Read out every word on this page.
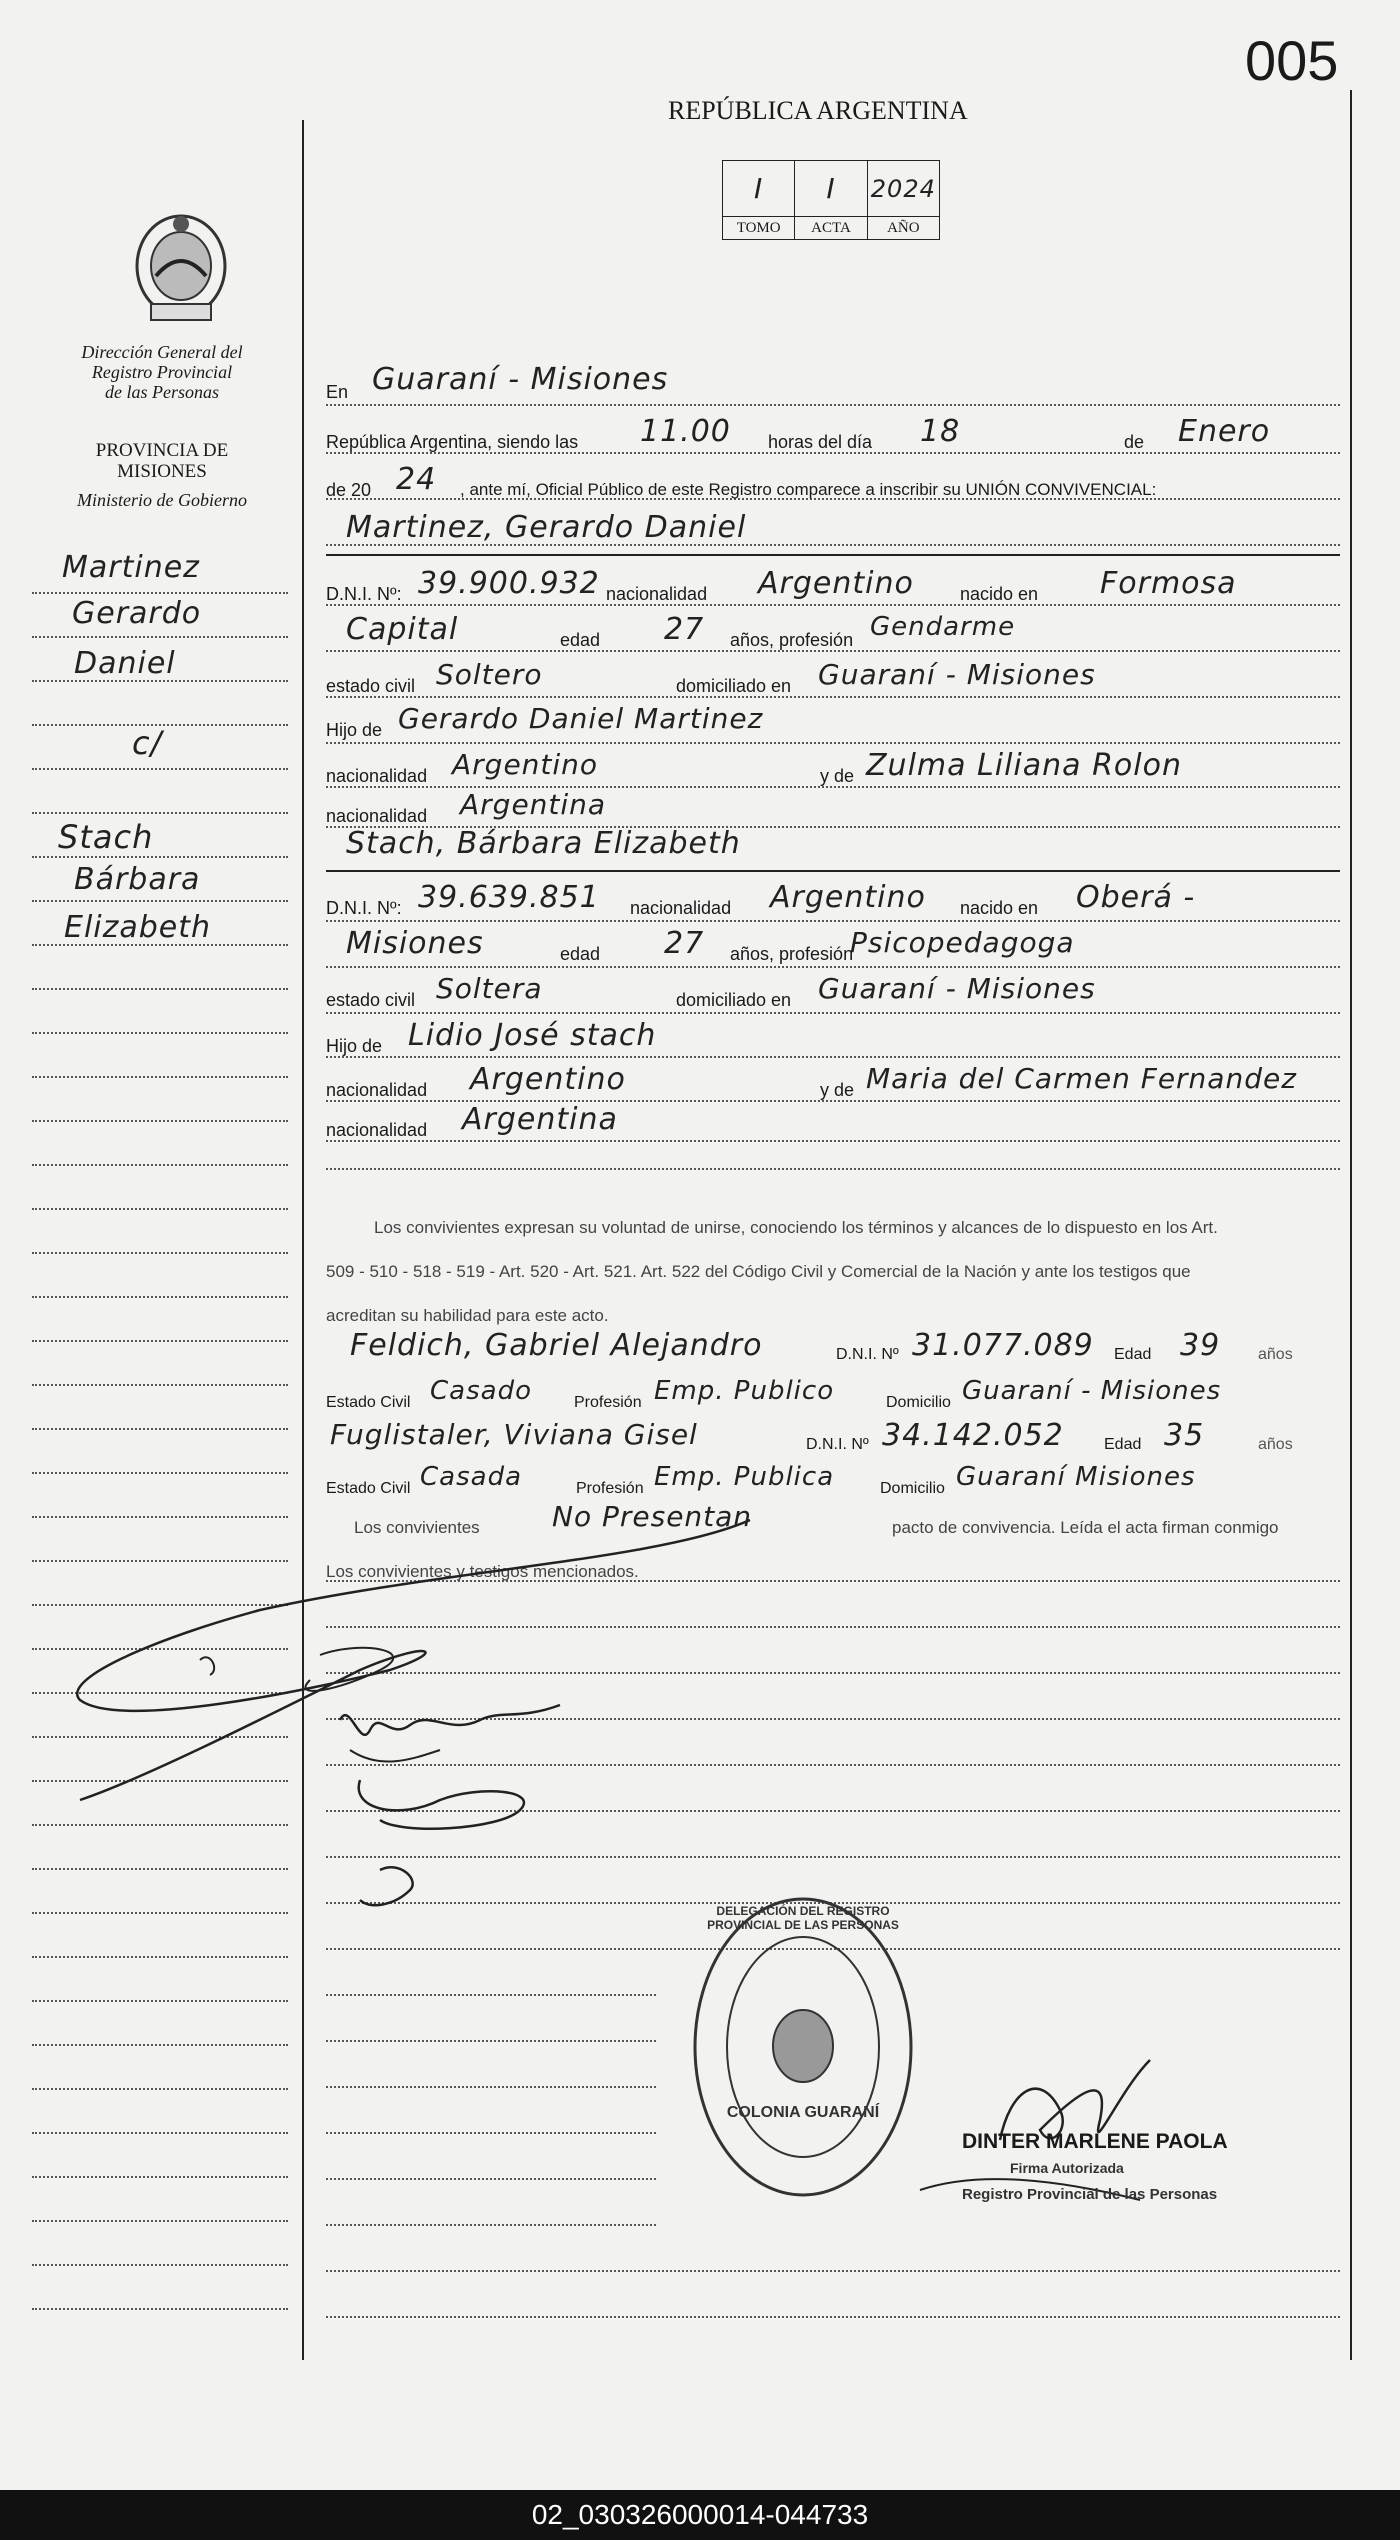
005
REPÚBLICA ARGENTINA
I
TOMO
I
ACTA
2024
AÑO
Dirección General del
Registro Provincial
de las Personas
PROVINCIA DE
MISIONES
Ministerio de Gobierno
Martinez
Gerardo
Daniel
c/
Stach
Bárbara
Elizabeth
En Guaraní - Misiones
República Argentina, siendo las 11.00 horas del día 18	de Enero
de 20 24 , ante mí, Oficial Público de este Registro comparece a inscribir su UNIÓN CONVIVENCIAL:
Martinez, Gerardo Daniel
D.N.I. Nº: 39.900.932 nacionalidad Argentino	nacido en Formosa
Capital	edad 27 años, profesión Gendarme
estado civil Soltero	domiciliado en Guaraní - Misiones
Hijo de Gerardo Daniel Martinez
nacionalidad Argentino	y de Zulma Liliana Rolon
nacionalidad Argentina
Stach, Bárbara Elizabeth
D.N.I. Nº: 39.639.851 nacionalidad Argentino nacido en Oberá -
Misiones	edad 27 años, profesión
Psicopedagoga
estado civil Soltera	domiciliado en Guaraní - Misiones
Hijo de Lidio José stach
nacionalidad Argentino	y de Maria del Carmen Fernandez
nacionalidad Argentina
Los convivientes expresan su voluntad de unirse, conociendo los términos y alcances de lo dispuesto en los Art.
509 - 510 - 518 - 519 - Art. 520 - Art. 521. Art. 522 del Código Civil y Comercial de la Nación y ante los testigos que
acreditan su habilidad para este acto.
Feldich, Gabriel Alejandro	D.N.I. Nº 31.077.089 Edad 39 años
Estado Civil Casado	Profesión Emp. Publico	Domicilio Guaraní - Misiones
Fuglistaler, Viviana Gisel	D.N.I. Nº 34.142.052	Edad 35	años
Estado Civil Casada	Profesión Emp. Publica	Domicilio Guaraní Misiones
Los convivientes	No Presentan	pacto de convivencia. Leída el acta firman conmigo
Los convivientes y testigos mencionados.
DELEGACIÓN DEL REGISTRO PROVINCIAL DE LAS PERSONAS
COLONIA GUARANÍ
DINTER MARLENE PAOLA
Firma Autorizada
Registro Provincial de las Personas
02_030326000014-044733
